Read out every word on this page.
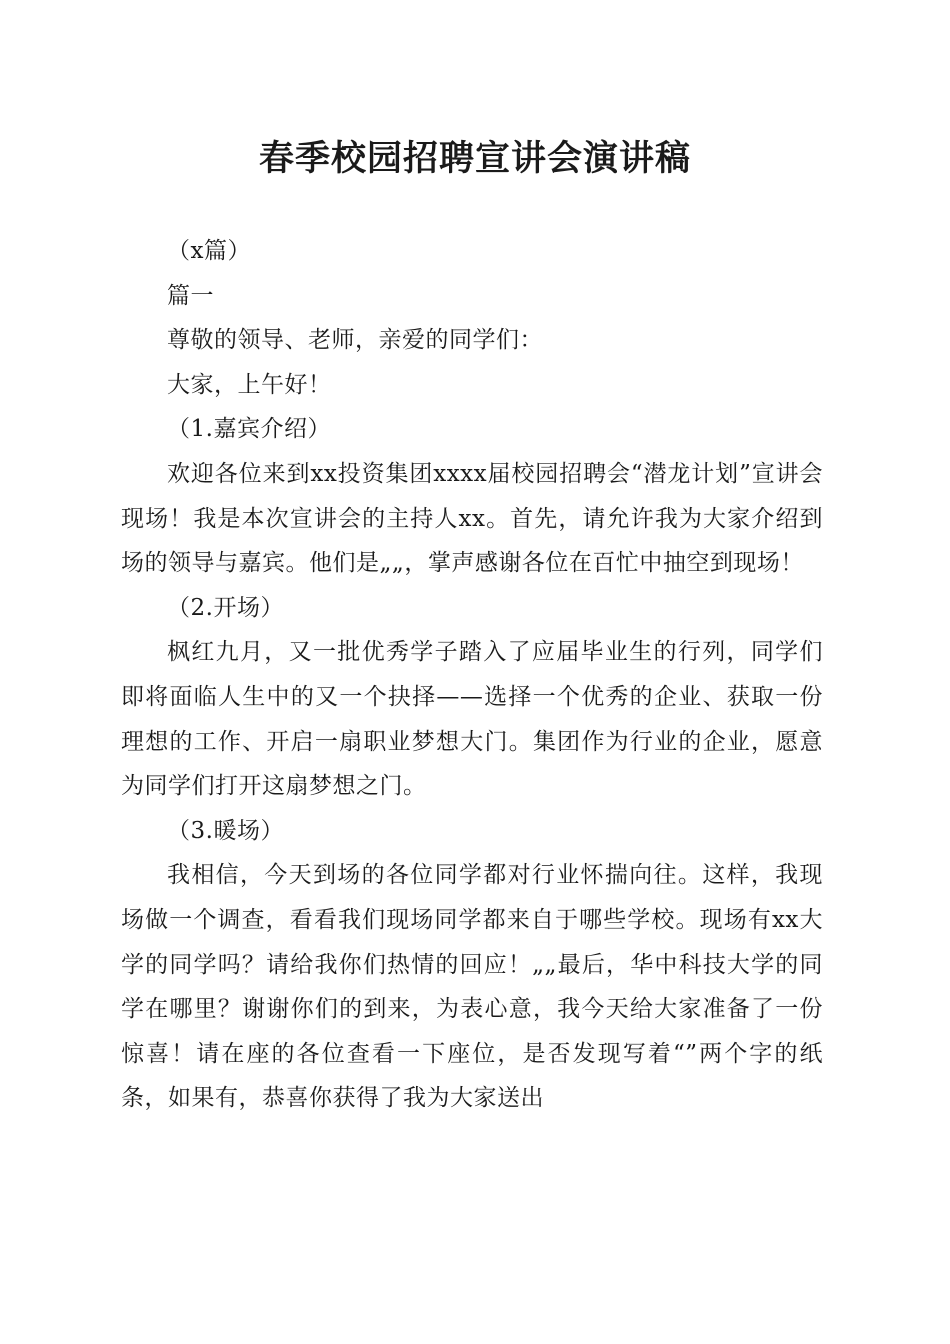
春季校园招聘宣讲会演讲稿

（x篇）

篇一

尊敬的领导、老师，亲爱的同学们：

大家，上午好！

（1.嘉宾介绍）

欢迎各位来到xx投资集团xxxx届校园招聘会“潜龙计划”宣讲会现场！我是本次宣讲会的主持人xx。首先，请允许我为大家介绍到场的领导与嘉宾。他们是„„，掌声感谢各位在百忙中抽空到现场！

（2.开场）

枫红九月，又一批优秀学子踏入了应届毕业生的行列，同学们即将面临人生中的又一个抉择——选择一个优秀的企业、获取一份理想的工作、开启一扇职业梦想大门。集团作为行业的企业，愿意为同学们打开这扇梦想之门。

（3.暖场）

我相信，今天到场的各位同学都对行业怀揣向往。这样，我现场做一个调查，看看我们现场同学都来自于哪些学校。现场有xx大学的同学吗？请给我你们热情的回应！„„最后，华中科技大学的同学在哪里？谢谢你们的到来，为表心意，我今天给大家准备了一份惊喜！请在座的各位查看一下座位，是否发现写着“”两个字的纸条，如果有，恭喜你获得了我为大家送出
